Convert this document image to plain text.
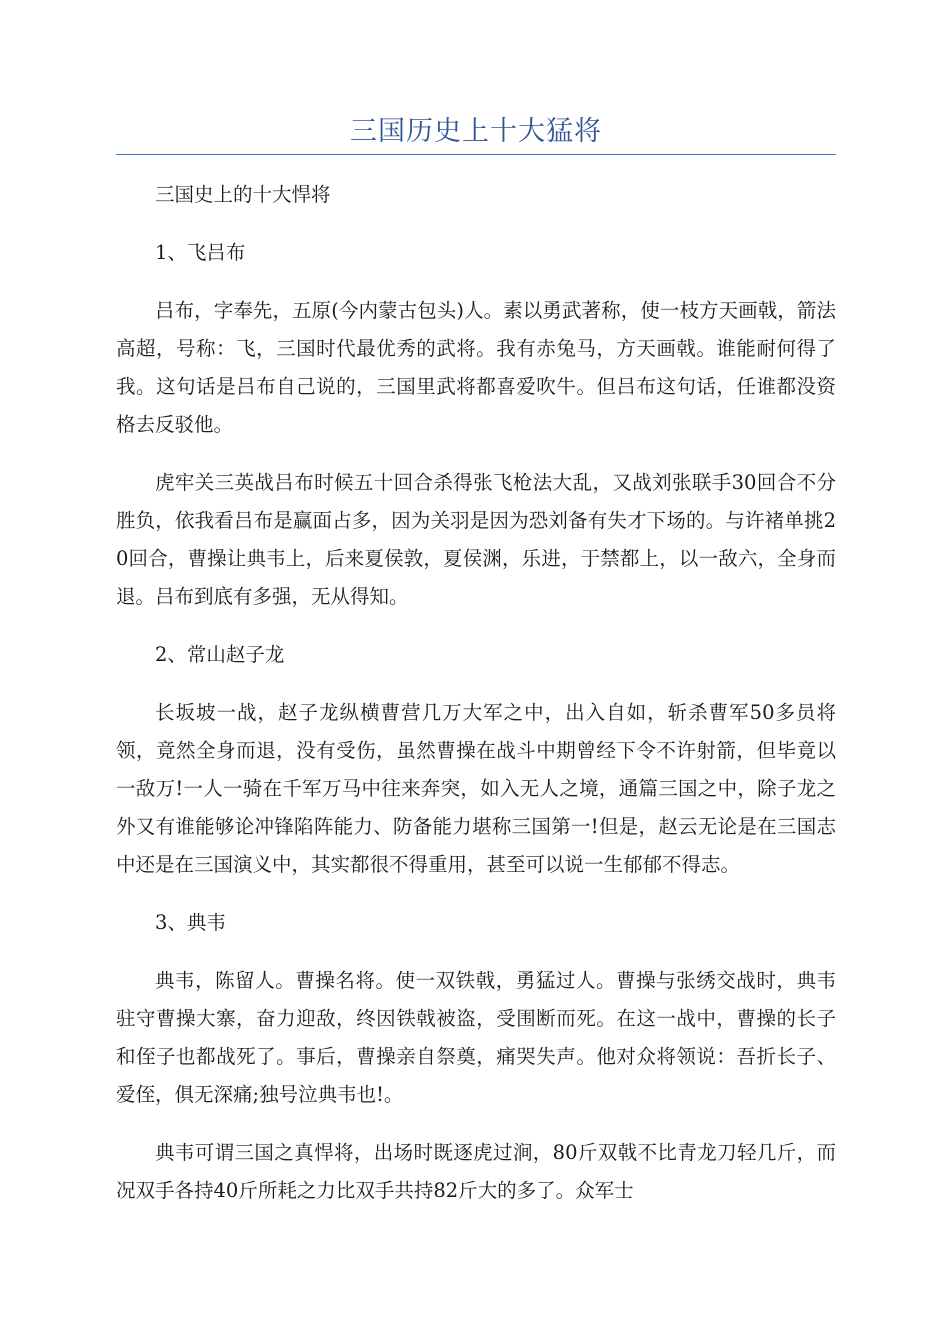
三国历史上十大猛将

三国史上的十大悍将

1、飞吕布

吕布，字奉先，五原(今内蒙古包头)人。素以勇武著称，使一枝方天画戟，箭法高超，号称：飞，三国时代最优秀的武将。我有赤兔马，方天画戟。谁能耐何得了我。这句话是吕布自己说的，三国里武将都喜爱吹牛。但吕布这句话，任谁都没资格去反驳他。

虎牢关三英战吕布时候五十回合杀得张飞枪法大乱，又战刘张联手30回合不分胜负，依我看吕布是赢面占多，因为关羽是因为恐刘备有失才下场的。与许褚单挑20回合，曹操让典韦上，后来夏侯敦，夏侯渊，乐进，于禁都上，以一敌六，全身而退。吕布到底有多强，无从得知。

2、常山赵子龙

长坂坡一战，赵子龙纵横曹营几万大军之中，出入自如，斩杀曹军50多员将领，竟然全身而退，没有受伤，虽然曹操在战斗中期曾经下令不许射箭，但毕竟以一敌万!一人一骑在千军万马中往来奔突，如入无人之境，通篇三国之中，除子龙之外又有谁能够论冲锋陷阵能力、防备能力堪称三国第一!但是，赵云无论是在三国志中还是在三国演义中，其实都很不得重用，甚至可以说一生郁郁不得志。

3、典韦

典韦，陈留人。曹操名将。使一双铁戟，勇猛过人。曹操与张绣交战时，典韦驻守曹操大寨，奋力迎敌，终因铁戟被盗，受围断而死。在这一战中，曹操的长子和侄子也都战死了。事后，曹操亲自祭奠，痛哭失声。他对众将领说：吾折长子、爱侄，俱无深痛;独号泣典韦也!。

典韦可谓三国之真悍将，出场时既逐虎过涧，80斤双戟不比青龙刀轻几斤，而况双手各持40斤所耗之力比双手共持82斤大的多了。众军士
